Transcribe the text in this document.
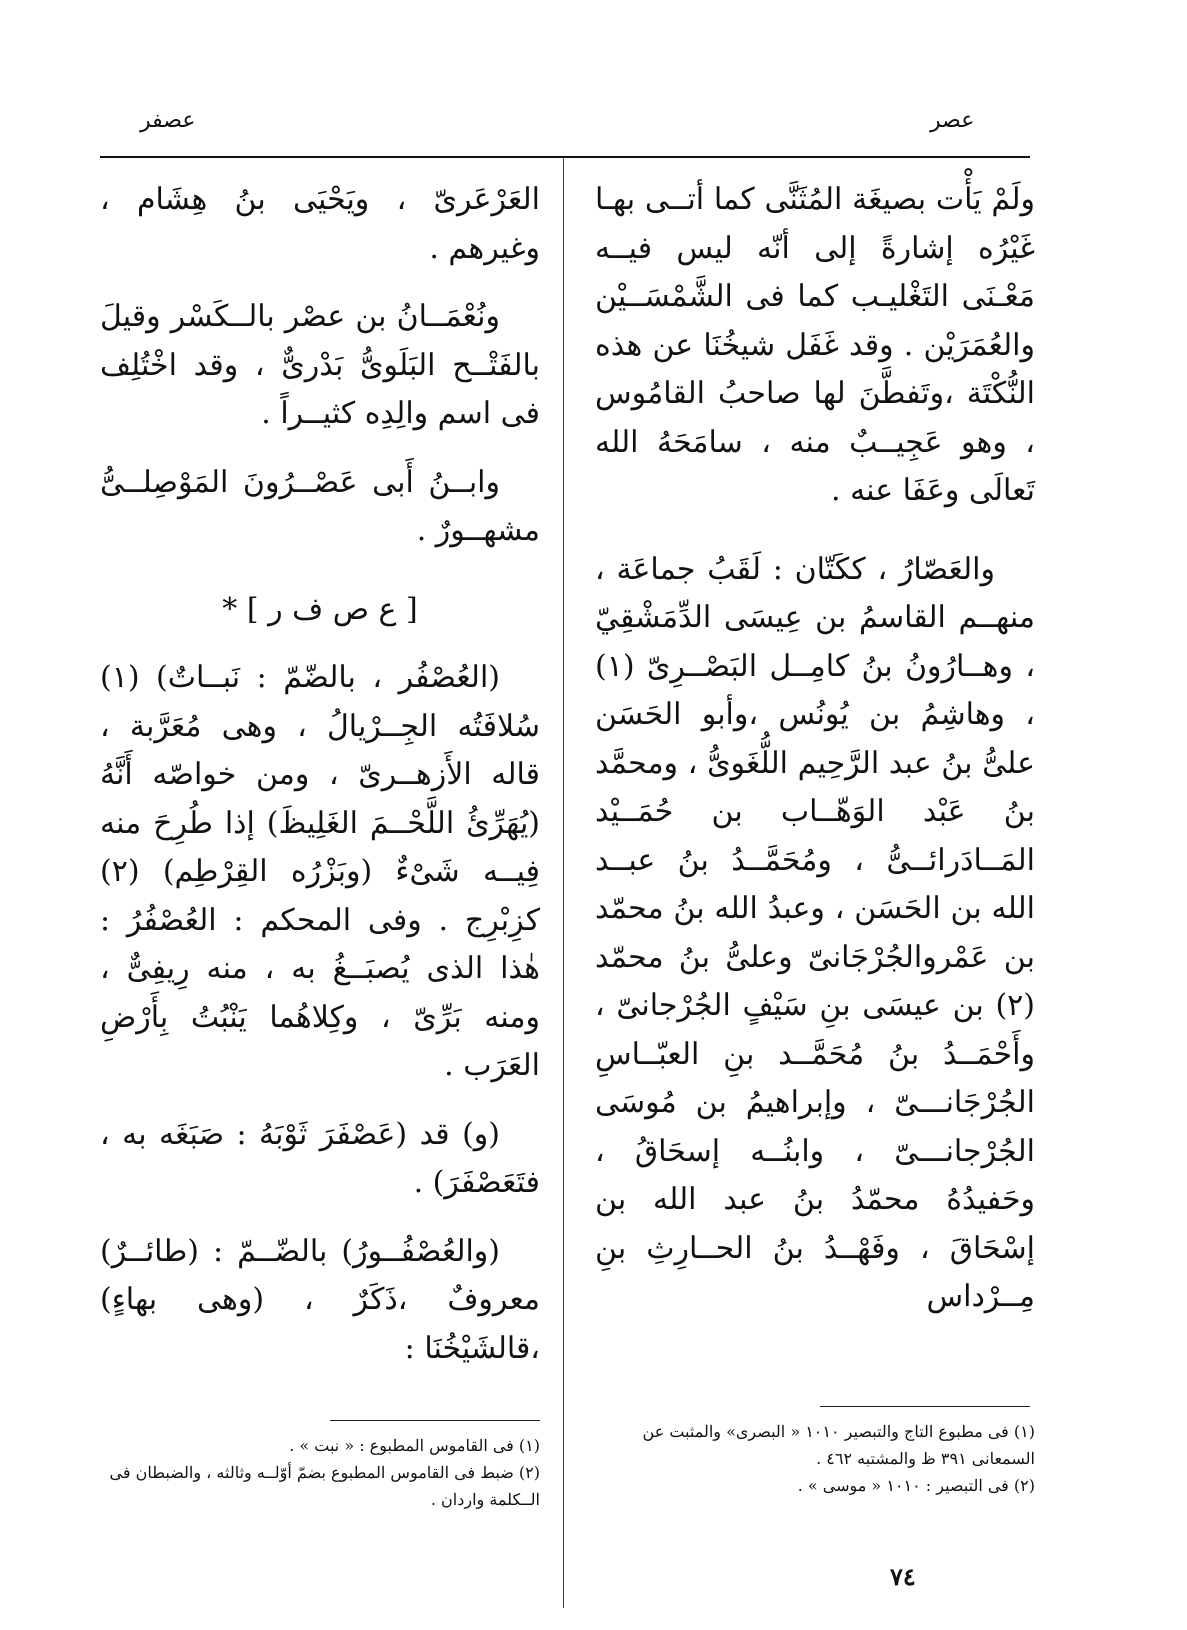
عصر
عصفر

ولَمْ يَأْت بصيغَة المُثَنَّى كما أتــى بهـا غَيْرُه إشارةً إلى أنّه ليس فيــه مَعْـنَى التَغْليـب كما فى الشَّمْسَــيْن والعُمَرَيْن . وقد غَفَل شيخُنَا عن هذه النُّكْتَة ،وتَفطَّنَ لها صاحبُ القامُوس ، وهو عَجِيــبٌ منه ، سامَحَهُ الله تَعالَى وعَفَا عنه .

والعَصّارُ ، ككَتّان : لَقَبُ جماعَة ، منهــم القاسمُ بن عِيسَى الدِّمَشْقِيّ ، وهــارُونُ بنُ كامِــل البَصْــرِىّ (١) ، وهاشِمُ بن يُونُس ،وأبو الحَسَن علىُّ بنُ عبد الرَّحِيم اللُّغَوىُّ ، ومحمَّد بنُ عَبْد الوَهّــاب بن حُمَــيْد المَــادَرائــىُّ ، ومُحَمَّــدُ بنُ عبــد الله بن الحَسَن ، وعبدُ الله بنُ محمّد بن عَمْروالجُرْجَانىّ وعلىُّ بنُ محمّد (٢) بن عيسَى بنِ سَيْفٍ الجُرْجانىّ ، وأَحْمَــدُ بنُ مُحَمَّــد بنِ العبّــاسِ الجُرْجَانـــىّ ، وإبراهيمُ بن مُوسَى الجُرْجانـــىّ ، وابنُــه إسحَاقُ ، وحَفيدُهُ محمّدُ بنُ عبد الله بن إسْحَاقَ ، وفَهْــدُ بنُ الحــارِثِ بنِ مِــرْداس

العَرْعَرىّ ، ويَحْيَى بنُ هِشَام ، وغيرهم .

ونُعْمَــانُ بن عصْر بالــكَسْر وقيلَ بالفَتْــح البَلَوىُّ بَدْرىٌّ ، وقد اخْتُلِف فى اسم والِدِه كثيــراً .

وابــنُ أَبى عَصْــرُونَ المَوْصِلــىُّ مشهــورٌ .

[ ع ص ف ر ] *

(العُصْفُر ، بالضّمّ : نَبــاتٌ) (١) سُلافَتُه الجِــرْيالُ ، وهى مُعَرَّبة ، قاله الأَزهــرىّ ، ومن خواصّه أَنَّهُ (يُهَرِّئُ اللَّحْــمَ الغَلِيظَ) إذا طُرِحَ منه فِيــه شَىْءٌ (وبَزْرُه القِرْطِم) (٢) كزِبْرِج . وفى المحكم : العُصْفُرُ : هٰذا الذى يُصبَــغُ به ، منه رِيفِىٌّ ، ومنه بَرِّىّ ، وكِلاهُما يَنْبُتُ بِأَرْضِ العَرَب .

(و) قد (عَصْفَرَ ثَوْبَهُ : صَبَغَه به ، فتَعَصْفَرَ) .

(والعُصْفُــورُ) بالضّــمّ : (طائــرٌ) معروفٌ ،ذَكَرٌ ، (وهى بهاءٍ) ،قالشَيْخُنَا :

(١) فى مطبوع التاج والتبصير ١٠١٠ « البصرى» والمثبت عن السمعانى ٣٩١ ظ والمشتبه ٤٦٢ .

(٢) فى التبصير : ١٠١٠ « موسى » .

(١) فى القاموس المطبوع : « نبت » .

(٢) ضبط فى القاموس المطبوع بضمّ أوّلــه وثالثه ، والضبطان فى الــكلمة واردان .

٧٤
